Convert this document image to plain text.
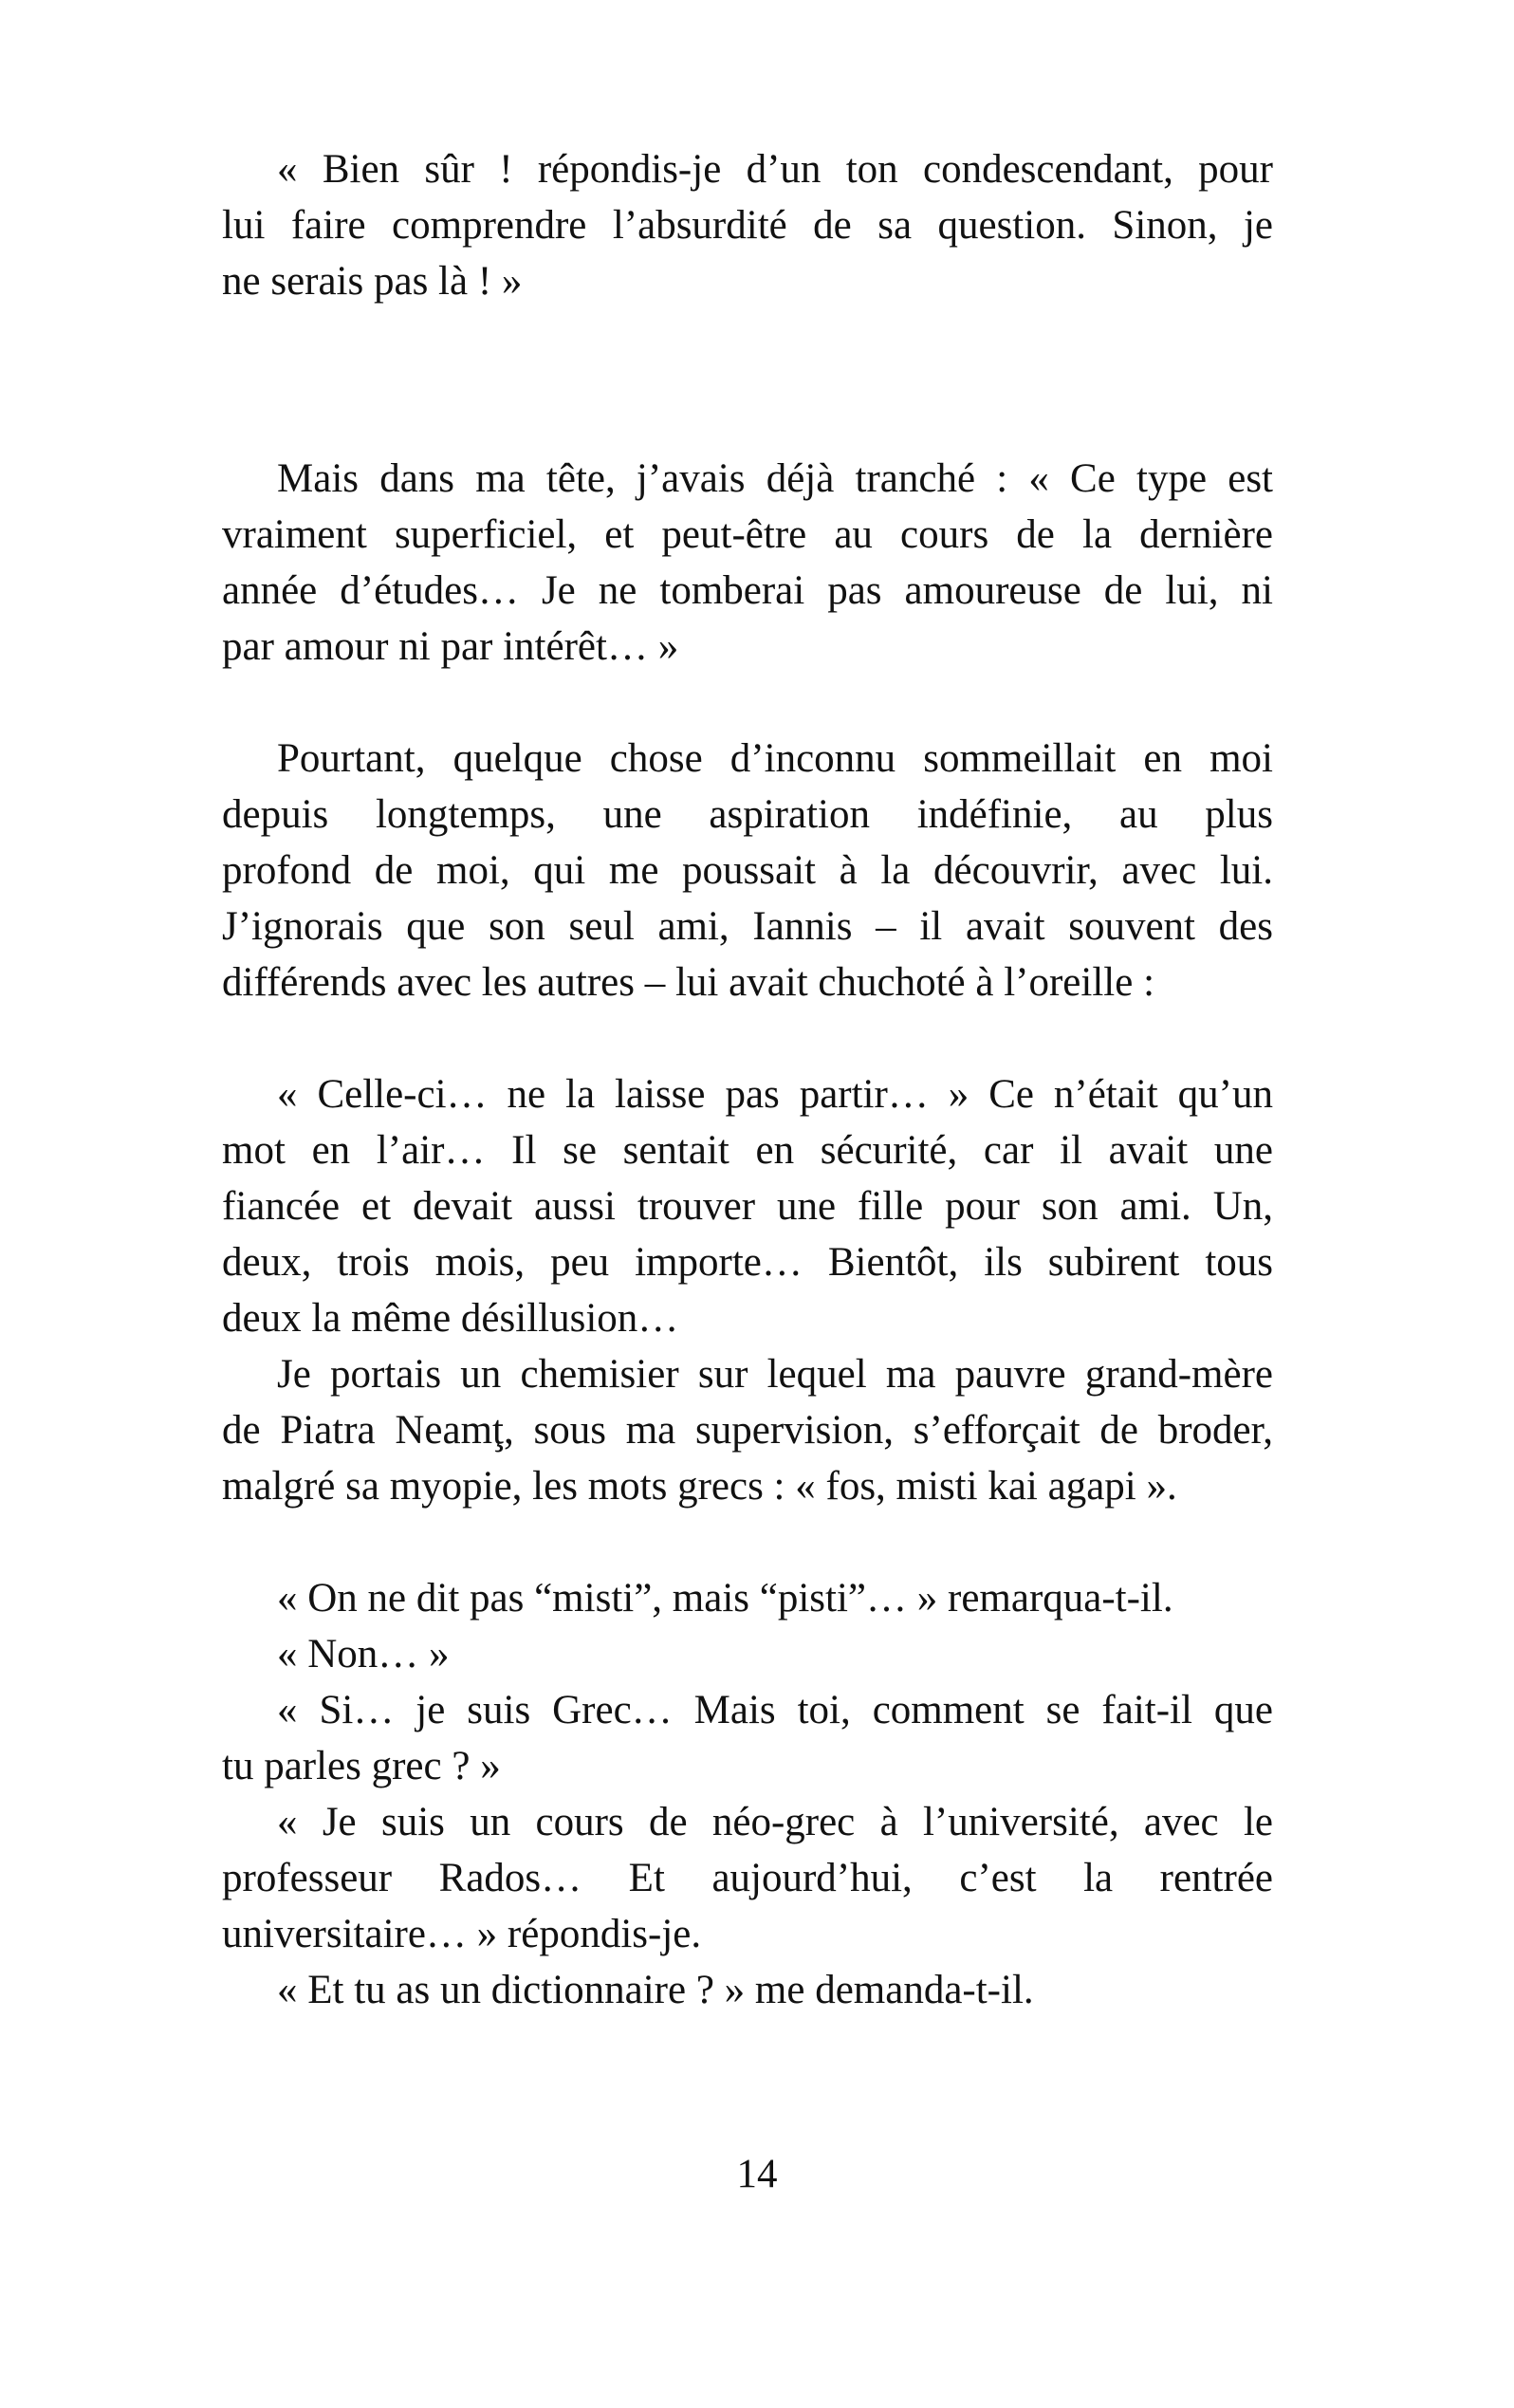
« Bien sûr ! répondis-je d’un ton condescendant, pour
lui faire comprendre l’absurdité de sa question. Sinon, je
ne serais pas là ! »
Mais dans ma tête, j’avais déjà tranché : « Ce type est
vraiment superficiel, et peut-être au cours de la dernière
année d’études… Je ne tomberai pas amoureuse de lui, ni
par amour ni par intérêt… »
Pourtant, quelque chose d’inconnu sommeillait en moi
depuis longtemps, une aspiration indéfinie, au plus
profond de moi, qui me poussait à la découvrir, avec lui.
J’ignorais que son seul ami, Iannis – il avait souvent des
différends avec les autres – lui avait chuchoté à l’oreille :
« Celle-ci… ne la laisse pas partir… » Ce n’était qu’un
mot en l’air… Il se sentait en sécurité, car il avait une
fiancée et devait aussi trouver une fille pour son ami. Un,
deux, trois mois, peu importe… Bientôt, ils subirent tous
deux la même désillusion…
Je portais un chemisier sur lequel ma pauvre grand-mère
de Piatra Neamţ, sous ma supervision, s’efforçait de broder,
malgré sa myopie, les mots grecs : « fos, misti kai agapi ».
« On ne dit pas “misti”, mais “pisti”… » remarqua-t-il.
« Non… »
« Si… je suis Grec… Mais toi, comment se fait-il que
tu parles grec ? »
« Je suis un cours de néo-grec à l’université, avec le
professeur Rados… Et aujourd’hui, c’est la rentrée
universitaire… » répondis-je.
« Et tu as un dictionnaire ? » me demanda-t-il.
14
